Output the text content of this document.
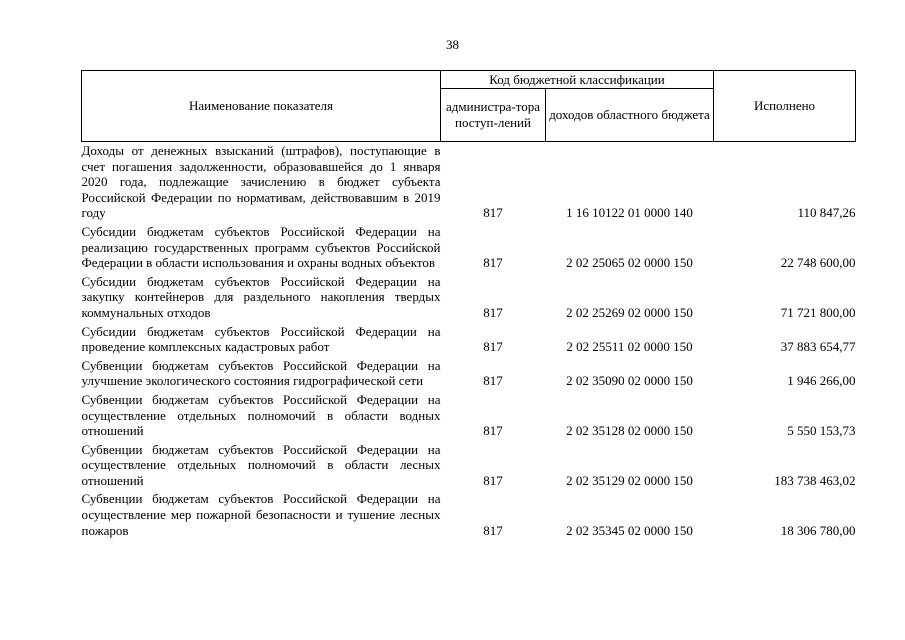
38
Наименование показателя	Код бюджетной классификации		Исполнено
	администра-тора поступ-лений	доходов областного бюджета	
Доходы от денежных взысканий (штрафов), поступающие в счет погашения задолженности, образовавшейся до 1 января 2020 года, подлежащие зачислению в бюджет субъекта Российской Федерации по нормативам, действовавшим в 2019 году	817	1 16 10122 01 0000 140	110 847,26
Субсидии бюджетам субъектов Российской Федерации на реализацию государственных программ субъектов Российской Федерации в области использования и охраны водных объектов	817	2 02 25065 02 0000 150	22 748 600,00
Субсидии бюджетам субъектов Российской Федерации на закупку контейнеров для раздельного накопления твердых коммунальных отходов	817	2 02 25269 02 0000 150	71 721 800,00
Субсидии бюджетам субъектов Российской Федерации на проведение комплексных кадастровых работ	817	2 02 25511 02 0000 150	37 883 654,77
Субвенции бюджетам субъектов Российской Федерации на улучшение экологического состояния гидрографической сети	817	2 02 35090 02 0000 150	1 946 266,00
Субвенции бюджетам субъектов Российской Федерации на осуществление отдельных полномочий в области водных отношений	817	2 02 35128 02 0000 150	5 550 153,73
Субвенции бюджетам субъектов Российской Федерации на осуществление отдельных полномочий в области лесных отношений	817	2 02 35129 02 0000 150	183 738 463,02
Субвенции бюджетам субъектов Российской Федерации на осуществление мер пожарной безопасности и тушение лесных пожаров	817	2 02 35345 02 0000 150	18 306 780,00
